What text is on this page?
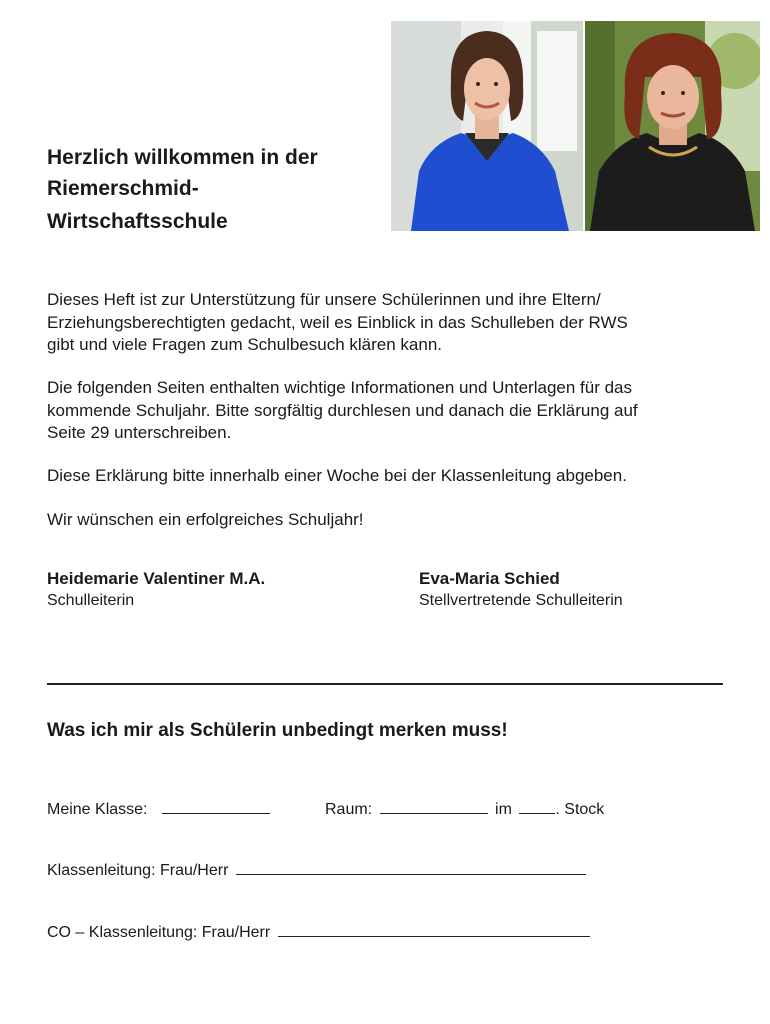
Herzlich willkommen in der
Riemerschmid-
Wirtschaftsschule

Dieses Heft ist zur Unterstützung für unsere Schülerinnen und ihre Eltern/
Erziehungsberechtigten gedacht, weil es Einblick in das Schulleben der RWS
gibt und viele Fragen zum Schulbesuch klären kann.

Die folgenden Seiten enthalten wichtige Informationen und Unterlagen für das
kommende Schuljahr. Bitte sorgfältig durchlesen und danach die Erklärung auf
Seite 29 unterschreiben.

Diese Erklärung bitte innerhalb einer Woche bei der Klassenleitung abgeben.

Wir wünschen ein erfolgreiches Schuljahr!

Heidemarie Valentiner M.A.
Schulleiterin
Eva-Maria Schied
Stellvertretende Schulleiterin
Was ich mir als Schülerin unbedingt merken muss!
Meine Klasse:	Raum:	im	. Stock
Klassenleitung: Frau/Herr
CO – Klassenleitung: Frau/Herr
